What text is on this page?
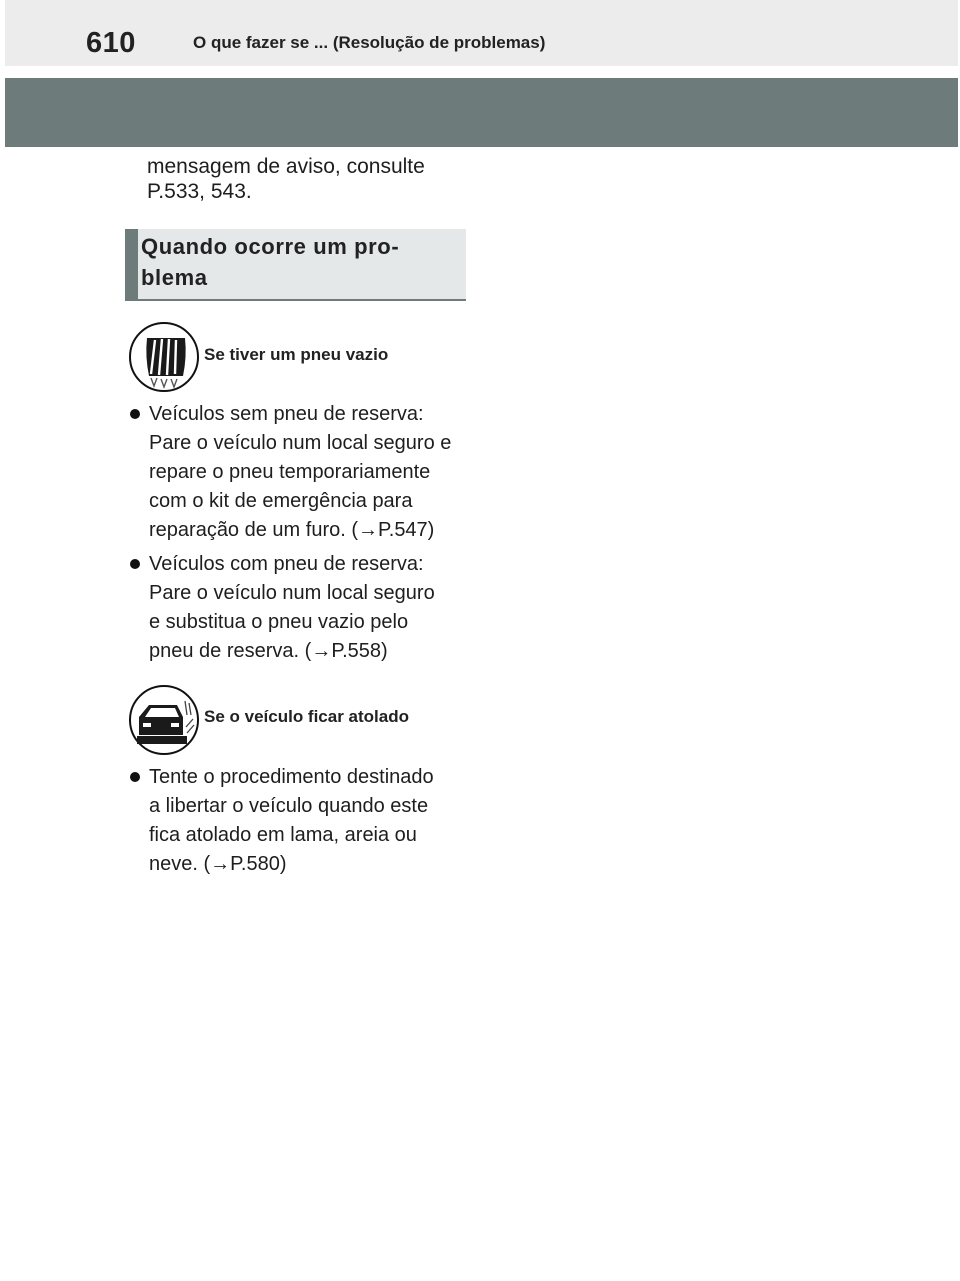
610	O que fazer se ... (Resolução de problemas)
mensagem de aviso, consulte
P.533, 543.
Quando ocorre um pro-
blema
Se tiver um pneu vazio
Veículos sem pneu de reserva:
Pare o veículo num local seguro e
repare o pneu temporariamente
com o kit de emergência para
reparação de um furo. (→P.547)
Veículos com pneu de reserva:
Pare o veículo num local seguro
e substitua o pneu vazio pelo
pneu de reserva. (→P.558)
Se o veículo ficar atolado
Tente o procedimento destinado
a libertar o veículo quando este
fica atolado em lama, areia ou
neve. (→P.580)
